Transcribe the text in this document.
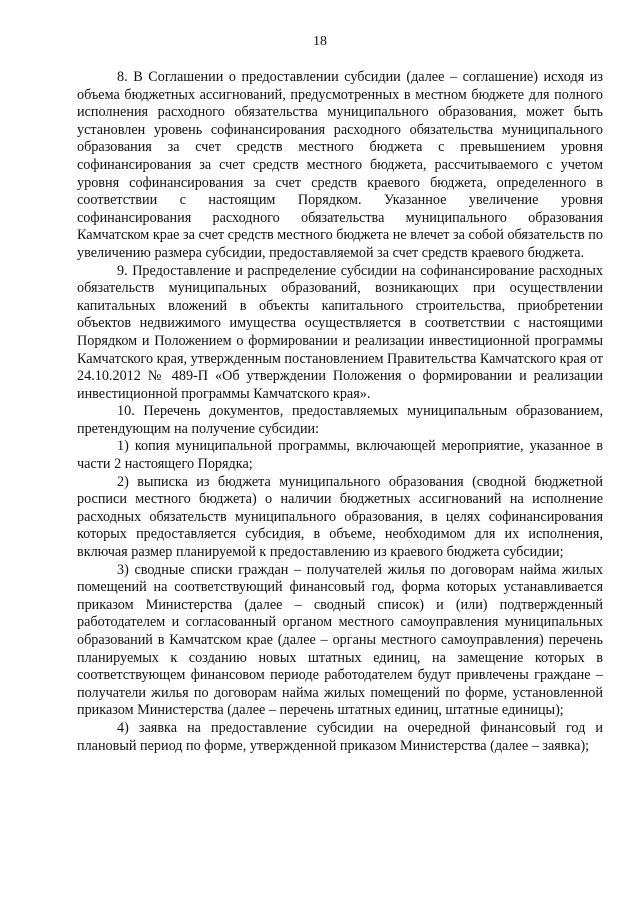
18

8. В Соглашении о предоставлении субсидии (далее – соглашение) исходя из объема бюджетных ассигнований, предусмотренных в местном бюджете для полного исполнения расходного обязательства муниципального образования, может быть установлен уровень софинансирования расходного обязательства муниципального образования за счет средств местного бюджета с превышением уровня софинансирования за счет средств местного бюджета, рассчитываемого с учетом уровня софинансирования за счет средств краевого бюджета, определенного в соответствии с настоящим Порядком. Указанное увеличение уровня софинансирования расходного обязательства муниципального образования Камчатском крае за счет средств местного бюджета не влечет за собой обязательств по увеличению размера субсидии, предоставляемой за счет средств краевого бюджета.

9. Предоставление и распределение субсидии на софинансирование расходных обязательств муниципальных образований, возникающих при осуществлении капитальных вложений в объекты капитального строительства, приобретении объектов недвижимого имущества осуществляется в соответствии с настоящими Порядком и Положением о формировании и реализации инвестиционной программы Камчатского края, утвержденным постановлением Правительства Камчатского края от 24.10.2012 № 489-П «Об утверждении Положения о формировании и реализации инвестиционной программы Камчатского края».

10. Перечень документов, предоставляемых муниципальным образованием, претендующим на получение субсидии:

1) копия муниципальной программы, включающей мероприятие, указанное в части 2 настоящего Порядка;

2) выписка из бюджета муниципального образования (сводной бюджетной росписи местного бюджета) о наличии бюджетных ассигнований на исполнение расходных обязательств муниципального образования, в целях софинансирования которых предоставляется субсидия, в объеме, необходимом для их исполнения, включая размер планируемой к предоставлению из краевого бюджета субсидии;

3) сводные списки граждан – получателей жилья по договорам найма жилых помещений на соответствующий финансовый год, форма которых устанавливается приказом Министерства (далее – сводный список) и (или) подтвержденный работодателем и согласованный органом местного самоуправления муниципальных образований в Камчатском крае (далее – органы местного самоуправления) перечень планируемых к созданию новых штатных единиц, на замещение которых в соответствующем финансовом периоде работодателем будут привлечены граждане – получатели жилья по договорам найма жилых помещений по форме, установленной приказом Министерства (далее – перечень штатных единиц, штатные единицы);

4) заявка на предоставление субсидии на очередной финансовый год и плановый период по форме, утвержденной приказом Министерства (далее – заявка);
